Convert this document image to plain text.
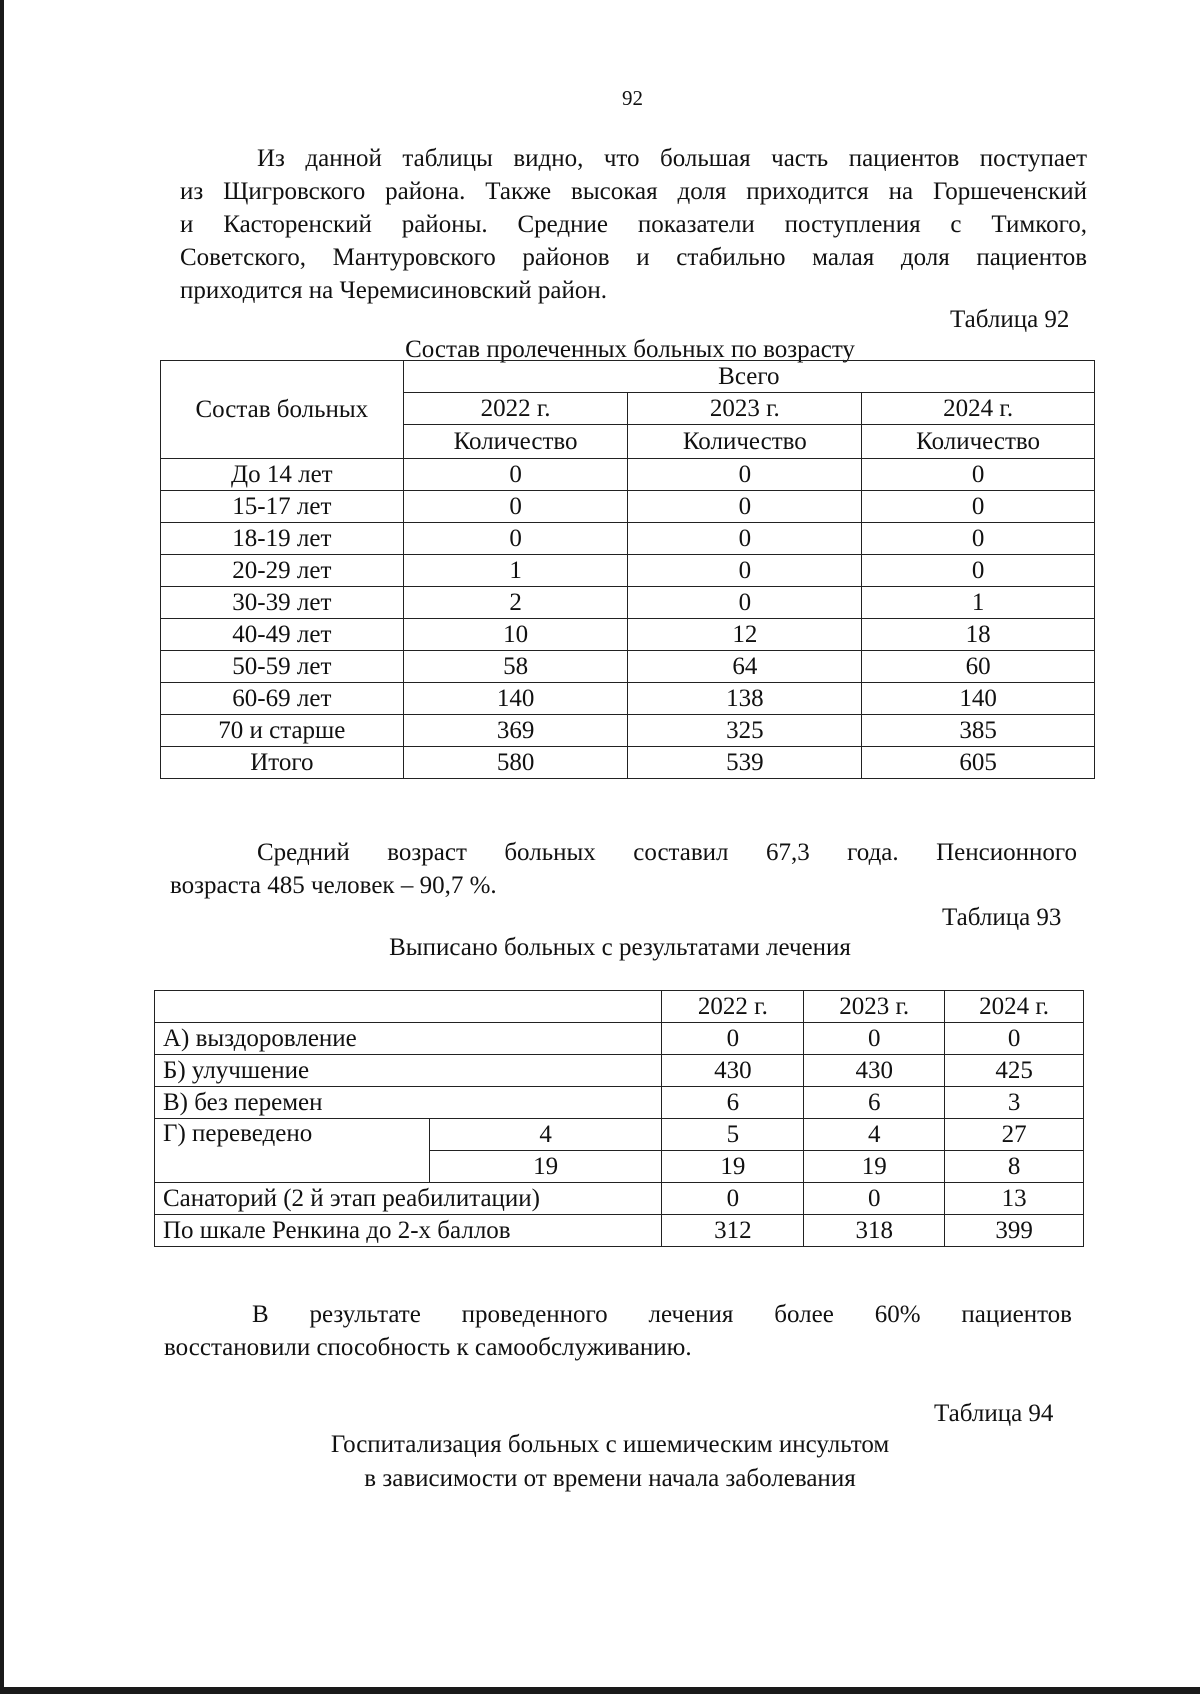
92
Из данной таблицы видно, что большая часть пациентов поступает
из Щигровского района. Также высокая доля приходится на Горшеченский
и Касторенский районы. Средние показатели поступления с Тимкого,
Советского, Мантуровского районов и стабильно малая доля пациентов
приходится на Черемисиновский район.
Таблица 92
Состав пролеченных больных по возрасту
Состав больных	Всего		
	2022 г.	2023 г.	2024 г.
	Количество	Количество	Количество
До 14 лет	0	0	0
15-17 лет	0	0	0
18-19 лет	0	0	0
20-29 лет	1	0	0
30-39 лет	2	0	1
40-49 лет	10	12	18
50-59 лет	58	64	60
60-69 лет	140	138	140
70 и старше	369	325	385
Итого	580	539	605
Средний возраст больных составил 67,3 года. Пенсионного
возраста 485 человек – 90,7 %.
Таблица 93
Выписано больных с результатами лечения
		2022 г.	2023 г.	2024 г.
А) выздоровление		0	0	0
Б) улучшение		430	430	425
В) без перемен		6	6	3
Г) переведено	4	5	4	27
	19	19	19	8
Санаторий (2 й этап реабилитации)		0	0	13
По шкале Ренкина до 2-х баллов		312	318	399
В результате проведенного лечения более 60% пациентов
восстановили способность к самообслуживанию.
Таблица 94
Госпитализация больных с ишемическим инсультом
в зависимости от времени начала заболевания
